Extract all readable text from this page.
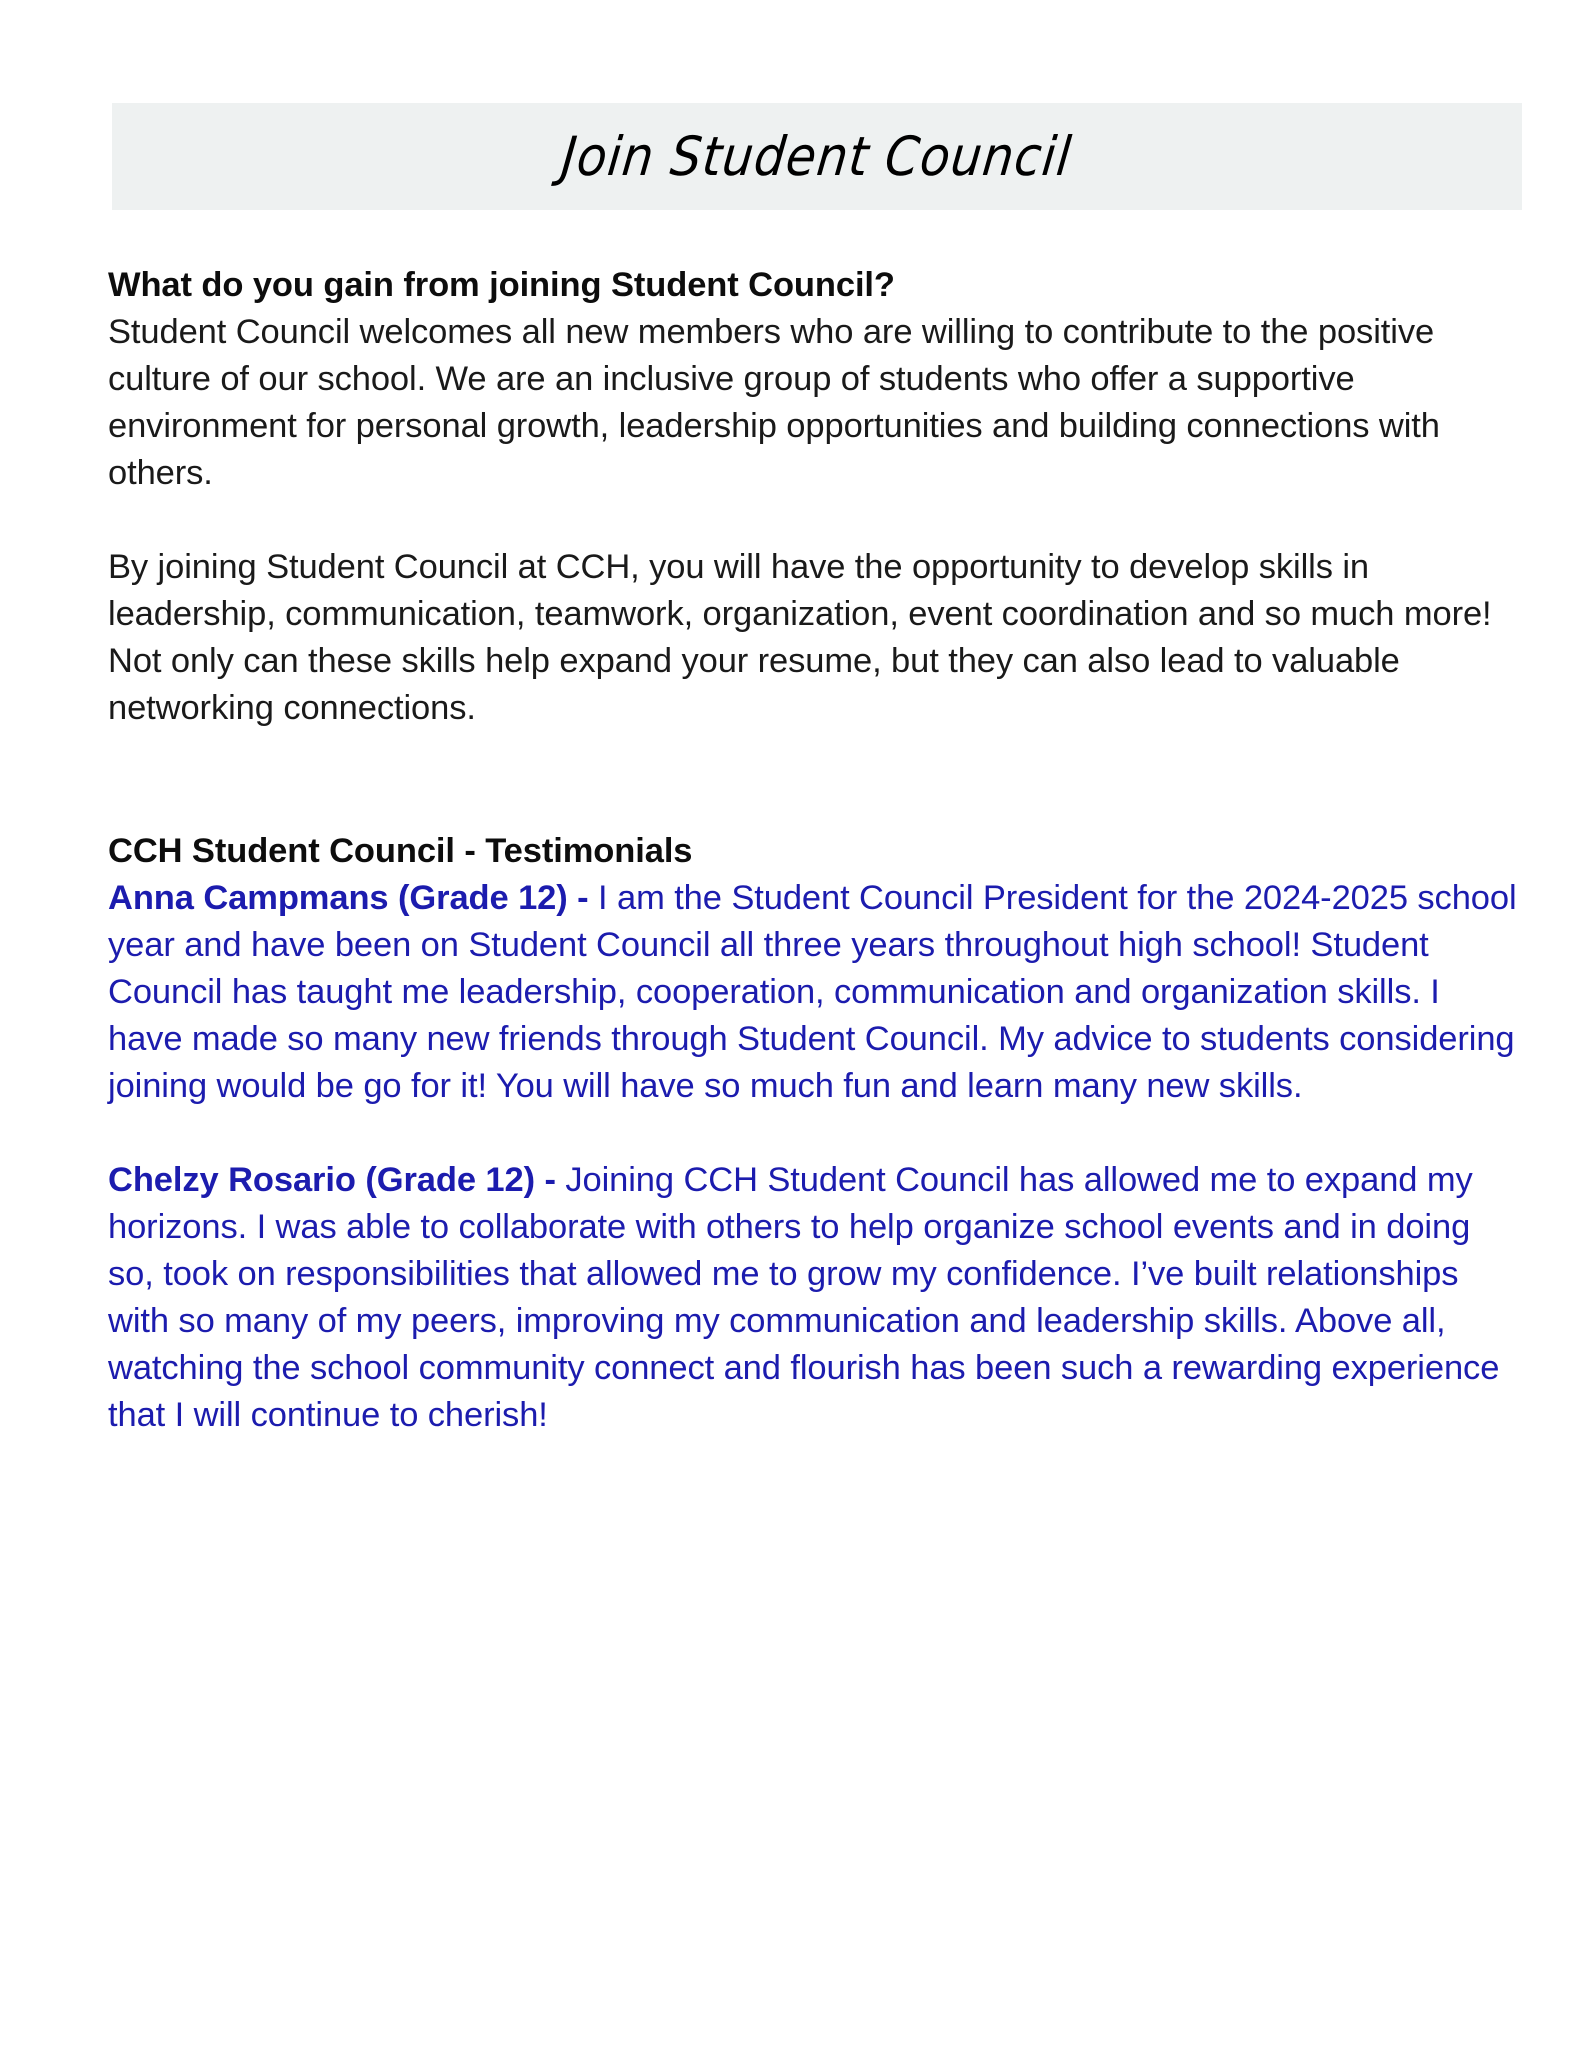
Join Student Council
What do you gain from joining Student Council?

Student Council welcomes all new members who are willing to contribute to the positive culture of our school. We are an inclusive group of students who offer a supportive environment for personal growth, leadership opportunities and building connections with others.

By joining Student Council at CCH, you will have the opportunity to develop skills in leadership, communication, teamwork, organization, event coordination and so much more! Not only can these skills help expand your resume, but they can also lead to valuable networking connections.

CCH Student Council - Testimonials

Anna Campmans (Grade 12) - I am the Student Council President for the 2024-2025 school year and have been on Student Council all three years throughout high school! Student Council has taught me leadership, cooperation, communication and organization skills. I have made so many new friends through Student Council. My advice to students considering joining would be go for it! You will have so much fun and learn many new skills.

Chelzy Rosario (Grade 12) - Joining CCH Student Council has allowed me to expand my horizons. I was able to collaborate with others to help organize school events and in doing so, took on responsibilities that allowed me to grow my confidence. I’ve built relationships with so many of my peers, improving my communication and leadership skills. Above all, watching the school community connect and flourish has been such a rewarding experience that I will continue to cherish!
